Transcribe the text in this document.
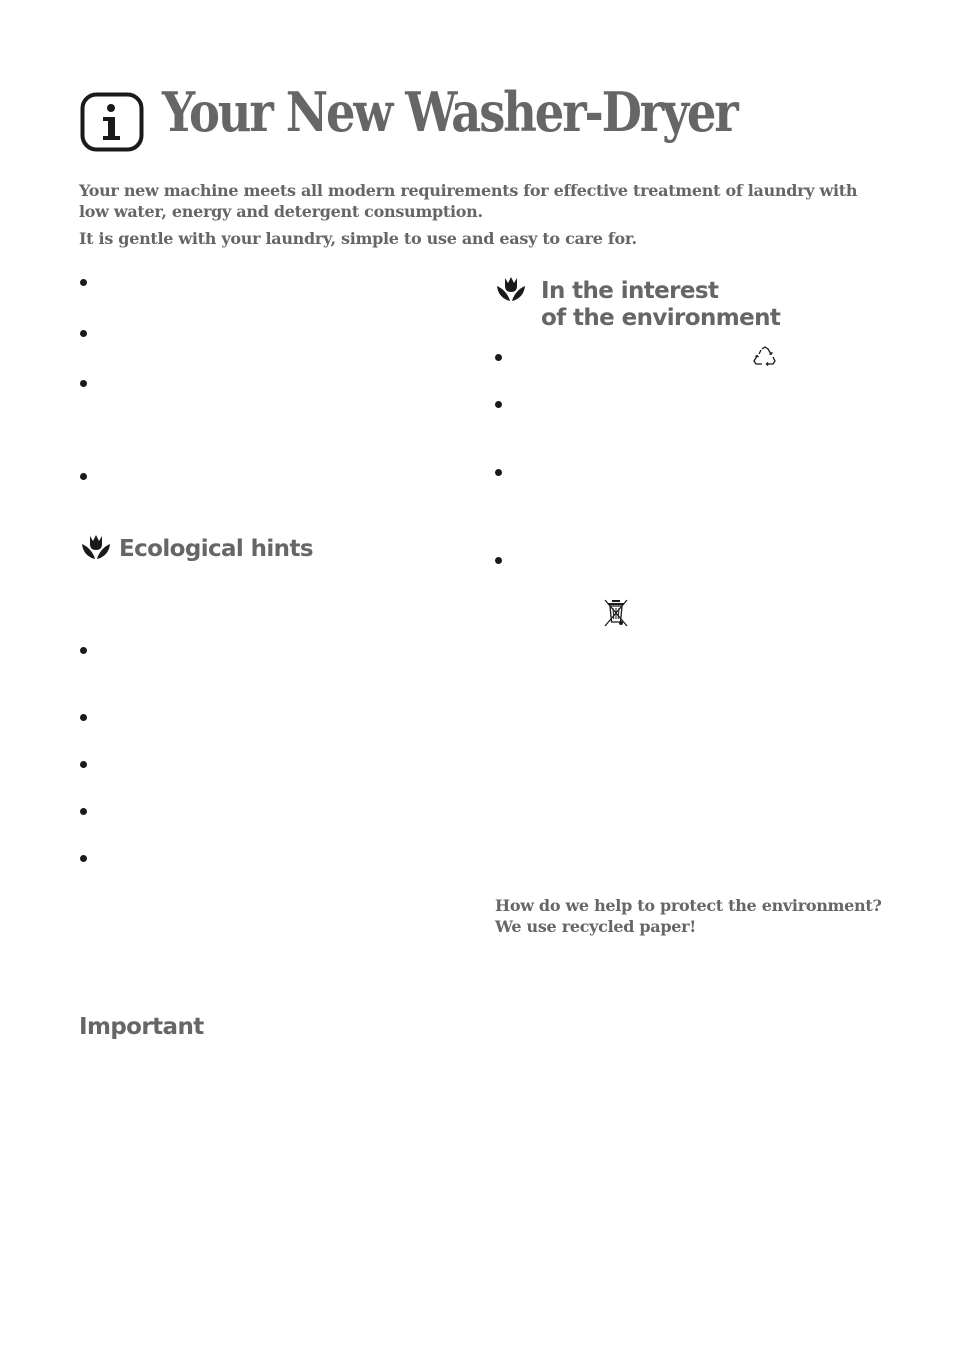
Your New Washer-Dryer
Your new machine meets all modern requirements for effective treatment of laundry with low water, energy and detergent consumption.
It is gentle with your laundry, simple to use and easy to care for.
Ecological hints
In the interest
of the environment
How do we help to protect the environment?
We use recycled paper!
Important
